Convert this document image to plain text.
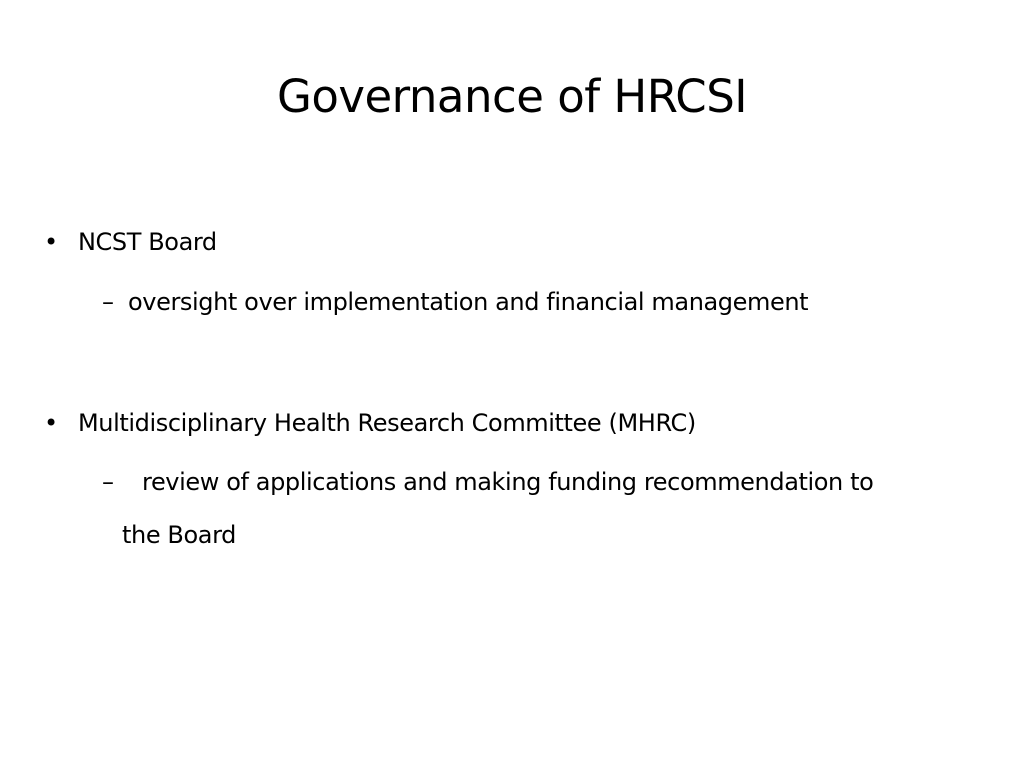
Governance of HRCSI
• NCST Board
– oversight over implementation and financial management
• Multidisciplinary Health Research Committee (MHRC)
– review of applications and making funding recommendation to
the Board
